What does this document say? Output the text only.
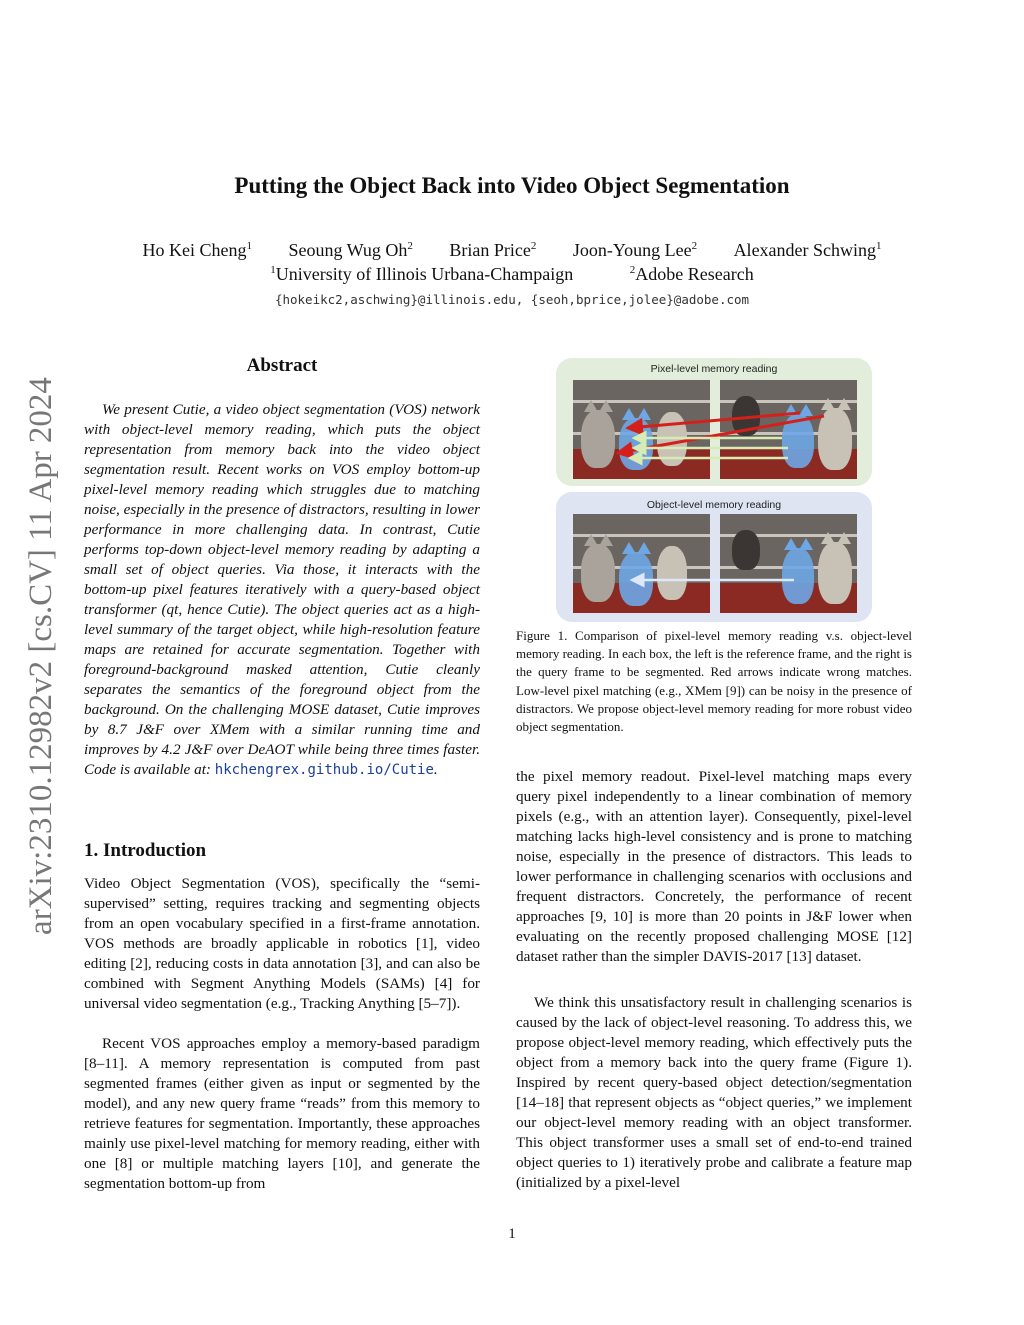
Putting the Object Back into Video Object Segmentation
Ho Kei Cheng$^1$ Seoung Wug Oh$^2$ Brian Price$^2$ Joon-Young Lee$^2$ Alexander Schwing$^1$
$^1$University of Illinois Urbana-Champaign	$^2$Adobe Research
{hokeikc2,aschwing}@illinois.edu, {seoh,bprice,jolee}@adobe.com
arXiv:2310.12982v2 [cs.CV] 11 Apr 2024
Abstract
We present Cutie, a video object segmentation (VOS) network with object-level memory reading, which puts the object representation from memory back into the video object segmentation result. Recent works on VOS employ bottom-up pixel-level memory reading which struggles due to matching noise, especially in the presence of distractors, resulting in lower performance in more challenging data. In contrast, Cutie performs top-down object-level memory reading by adapting a small set of object queries. Via those, it interacts with the bottom-up pixel features iteratively with a query-based object transformer (qt, hence Cutie). The object queries act as a high-level summary of the target object, while high-resolution feature maps are retained for accurate segmentation. Together with foreground-background masked attention, Cutie cleanly separates the semantics of the foreground object from the background. On the challenging MOSE dataset, Cutie improves by 8.7 J&F over XMem with a similar running time and improves by 4.2 J&F over DeAOT while being three times faster. Code is available at: hkchengrex.github.io/Cutie.
1. Introduction
Video Object Segmentation (VOS), specifically the “semi-supervised” setting, requires tracking and segmenting objects from an open vocabulary specified in a first-frame annotation. VOS methods are broadly applicable in robotics [1], video editing [2], reducing costs in data annotation [3], and can also be combined with Segment Anything Models (SAMs) [4] for universal video segmentation (e.g., Tracking Anything [5–7]).
Recent VOS approaches employ a memory-based paradigm [8–11]. A memory representation is computed from past segmented frames (either given as input or segmented by the model), and any new query frame “reads” from this memory to retrieve features for segmentation. Importantly, these approaches mainly use pixel-level matching for memory reading, either with one [8] or multiple matching layers [10], and generate the segmentation bottom-up from
Pixel-level memory reading
Object-level memory reading
Figure 1. Comparison of pixel-level memory reading v.s. object-level memory reading. In each box, the left is the reference frame, and the right is the query frame to be segmented. Red arrows indicate wrong matches. Low-level pixel matching (e.g., XMem [9]) can be noisy in the presence of distractors. We propose object-level memory reading for more robust video object segmentation.
the pixel memory readout. Pixel-level matching maps every query pixel independently to a linear combination of memory pixels (e.g., with an attention layer). Consequently, pixel-level matching lacks high-level consistency and is prone to matching noise, especially in the presence of distractors. This leads to lower performance in challenging scenarios with occlusions and frequent distractors. Concretely, the performance of recent approaches [9, 10] is more than 20 points in J&F lower when evaluating on the recently proposed challenging MOSE [12] dataset rather than the simpler DAVIS-2017 [13] dataset.
We think this unsatisfactory result in challenging scenarios is caused by the lack of object-level reasoning. To address this, we propose object-level memory reading, which effectively puts the object from a memory back into the query frame (Figure 1). Inspired by recent query-based object detection/segmentation [14–18] that represent objects as “object queries,” we implement our object-level memory reading with an object transformer. This object transformer uses a small set of end-to-end trained object queries to 1) iteratively probe and calibrate a feature map (initialized by a pixel-level
1
